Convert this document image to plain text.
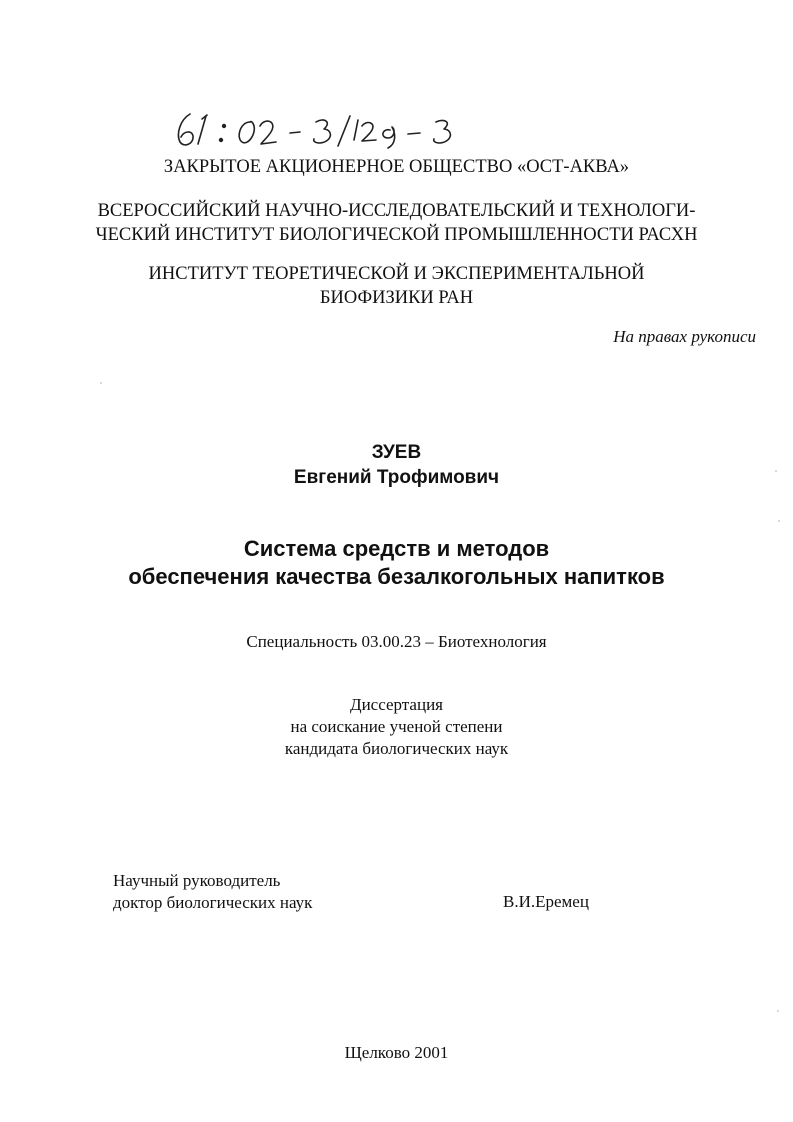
ЗАКРЫТОЕ АКЦИОНЕРНОЕ ОБЩЕСТВО «ОСТ-АКВА»
ВСЕРОССИЙСКИЙ НАУЧНО-ИССЛЕДОВАТЕЛЬСКИЙ И ТЕХНОЛОГИ-
ЧЕСКИЙ ИНСТИТУТ БИОЛОГИЧЕСКОЙ ПРОМЫШЛЕННОСТИ РАСХН
ИНСТИТУТ ТЕОРЕТИЧЕСКОЙ И ЭКСПЕРИМЕНТАЛЬНОЙ
БИОФИЗИКИ РАН
На правах рукописи
ЗУЕВ
Евгений Трофимович
Система средств и методов
обеспечения качества безалкогольных напитков
Специальность 03.00.23 – Биотехнология
Диссертация
на соискание ученой степени
кандидата биологических наук
Научный руководитель
доктор биологических наук	В.И.Еремец
Щелково 2001
